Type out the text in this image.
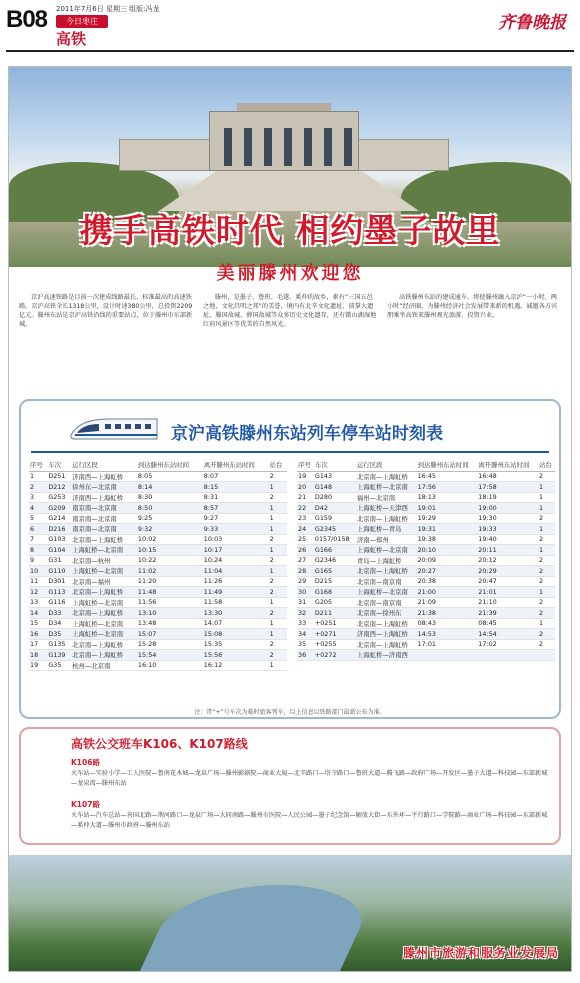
B08 2011年7月6日 星期三 组版:冯龙
今日枣庄
高铁
齐鲁晚报
携手高铁时代 相约墨子故里
美丽滕州欢迎您

京沪高速铁路是目前一次建成线路最长、标准最高的高速铁路。京沪高铁全长1318公里，设计时速380公里，总投资2209亿元。滕州东站是京沪高铁沿线的重要站点，位于滕州市东部新城。

滕州，是墨子、鲁班、毛遂、奚仲的故乡，素有“三国五邑之地，文化昌明之邦”的美誉，境内有北辛文化遗址、前掌大遗址、滕国故城、薛国故城等众多历史文化遗存，还有微山湖湿地红荷风景区等优美的自然风光。

高铁滕州东站的建成通车，将使滕州融入京沪“一小时、两小时”经济圈，为滕州经济社会发展带来新的机遇。诚邀各方宾朋乘坐高铁来滕州观光旅游、投资兴业。

京沪高铁滕州东站列车停车站时刻表
序号	车次	运行区段	到达滕州东站时间	离开滕州东站时间	站台
1	D251	济南西—上海虹桥	8:05	8:07	2
2	D212	徐州东—北京南	8:14	8:15	1
3	G253	济南西—上海虹桥	8:30	8:31	2
4	G209	南京南—北京南	8:50	8:57	1
5	G214	南京南—北京南	9:25	9:27	1
6	D216	南京南—北京南	9:32	9:33	1
7	G103	北京南—上海虹桥	10:02	10:03	2
8	G104	上海虹桥—北京南	10:15	10:17	1
9	G31	北京南—杭州	10:22	10:24	2
10	G110	上海虹桥—北京南	11:02	11:04	1
11	D301	北京南—福州	11:20	11:26	2
12	G113	北京南—上海虹桥	11:48	11:49	2
13	G116	上海虹桥—北京南	11:56	11:58	1
14	D33	北京南—上海虹桥	13:10	13:30	2
15	D34	上海虹桥—北京南	13:48	14:07	1
16	D35	上海虹桥—北京南	15:07	15:08	1
17	G135	北京南—上海虹桥	15:28	15:35	2
18	G139	北京南—上海虹桥	15:54	15:56	2
19	G35	杭州—北京南	16:10	16:12	1
序号	车次	运行区段	到达滕州东站时间	离开滕州东站时间	站台
19	G143	北京南—上海虹桥	16:45	16:48	2
20	G148	上海虹桥—北京南	17:56	17:58	1
21	D280	福州—北京南	18:13	18:19	1
22	D42	上海虹桥—天津西	19:01	19:00	1
23	G159	北京南—上海虹桥	19:29	19:30	2
24	G2345	上海虹桥—青岛	19:31	19:33	1
25	0157/0158	济南—郑州	19:38	19:40	2
26	G166	上海虹桥—北京南	20:10	20:11	1
27	G2346	青岛—上海虹桥	20:09	20:12	2
28	G165	北京南—上海虹桥	20:27	20:29	2
29	D215	北京南—南京南	20:38	20:47	2
30	G168	上海虹桥—北京南	21:00	21:01	1
31	G205	北京南—南京南	21:09	21:10	2
32	D211	北京南—徐州东	21:38	21:39	2
33	+0251	北京南—上海虹桥	08:43	08:45	1
34	+0271	济南西—上海虹桥	14:53	14:54	2
35	+0255	北京南—上海虹桥	17:01	17:02	2
36	+0272	上海虹桥—济南西			
注：带“+”号车次为临时旅客列车，以上信息以铁路部门最新公布为准。
高铁公交班车K106、K107路线
K106路
火车站—实验小学—工人医院—鲁南花木城—龙泉广场—滕州影剧院—商业大厦—北辛路口—塔寺路口—鲁班大道—腾飞路—政府广场—开发区—墨子大道—科技园—东部新城—龙泉湾—滕州东站
K107路
火车站—汽车总站—善国北路—荆河路口—龙泉广场—大同南路—滕州市医院—人民公园—墨子纪念馆—解放大街—东外环—平行路口—学院路—商业广场—科技园—东部新城—奚仲大道—滕州市政府—滕州东站
滕州市旅游和服务业发展局
